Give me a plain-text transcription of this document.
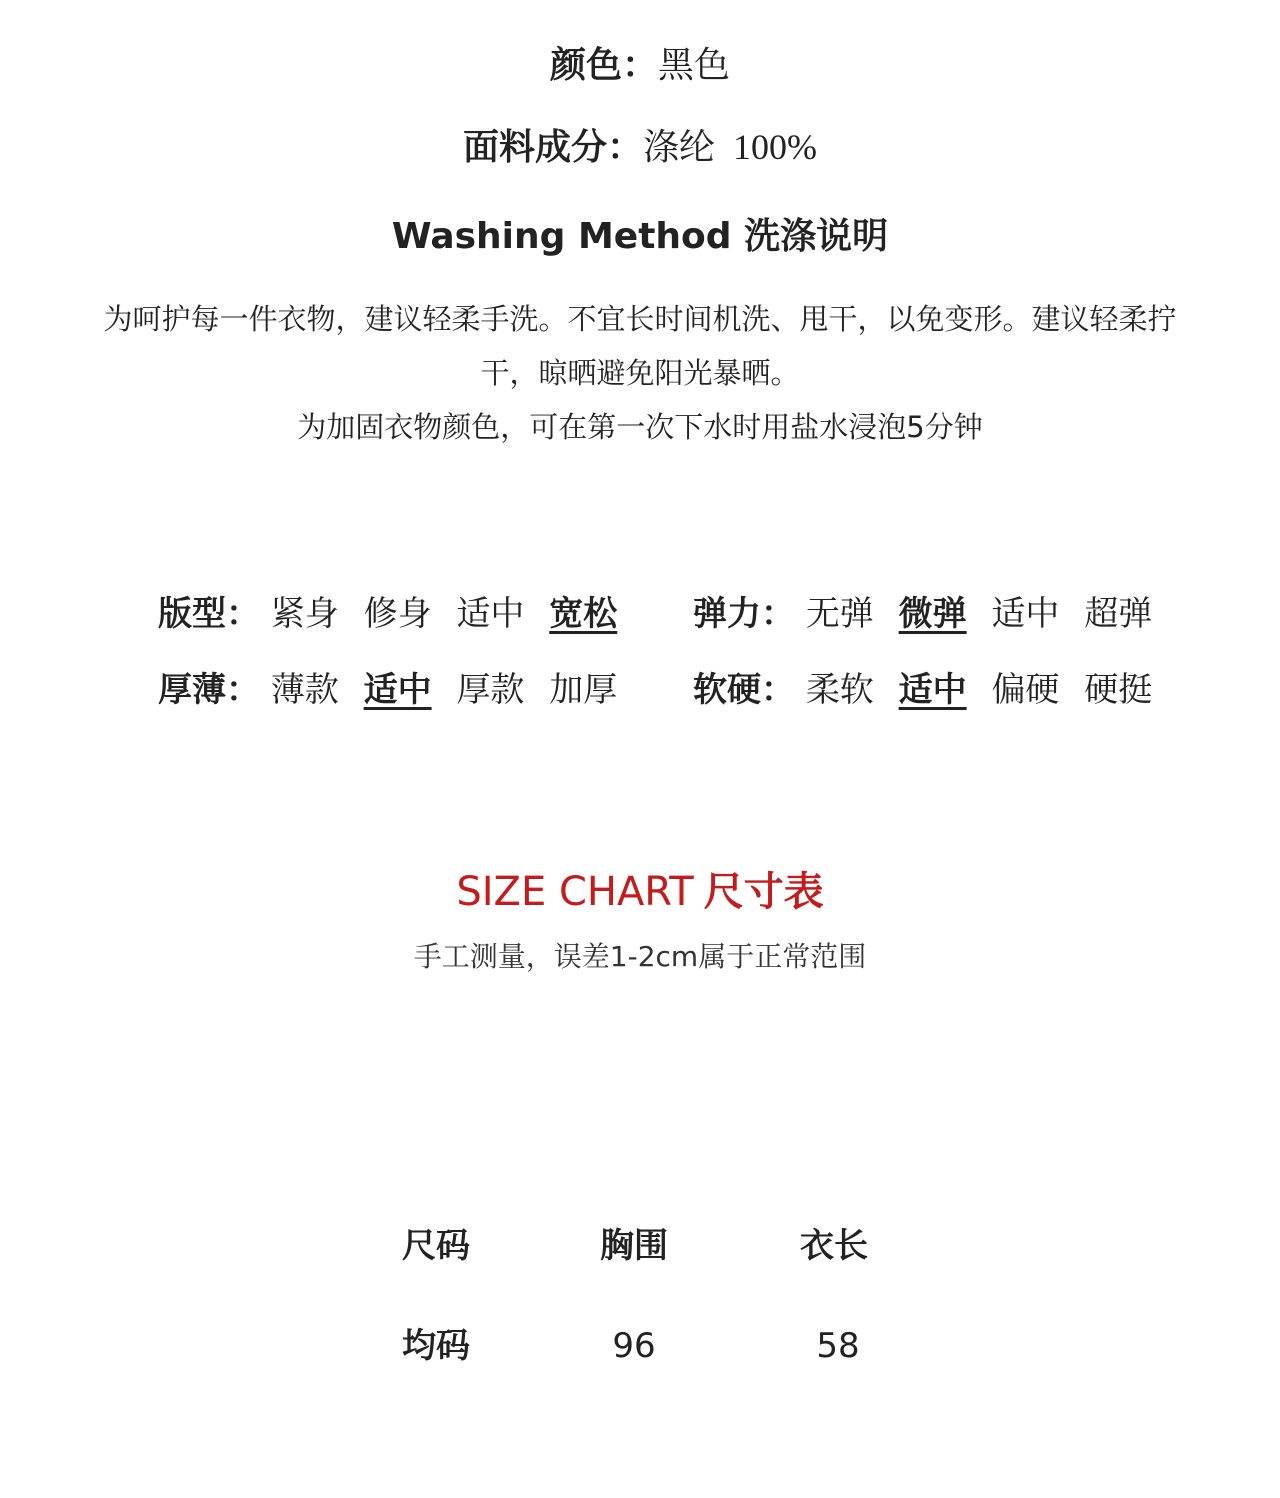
颜色：黑色
面料成分：涤纶 100%
Washing Method 洗涤说明
为呵护每一件衣物，建议轻柔手洗。不宜长时间机洗、甩干，以免变形。建议轻柔拧
干，晾晒避免阳光暴晒。
为加固衣物颜色，可在第一次下水时用盐水浸泡5分钟
版型： 紧身 修身 适中 宽松	弹力： 无弹 微弹 适中 超弹
厚薄： 薄款 适中 厚款 加厚	软硬： 柔软 适中 偏硬 硬挺
SIZE CHART 尺寸表
手工测量，误差1-2cm属于正常范围
尺码	胸围	衣长
均码	96	58
